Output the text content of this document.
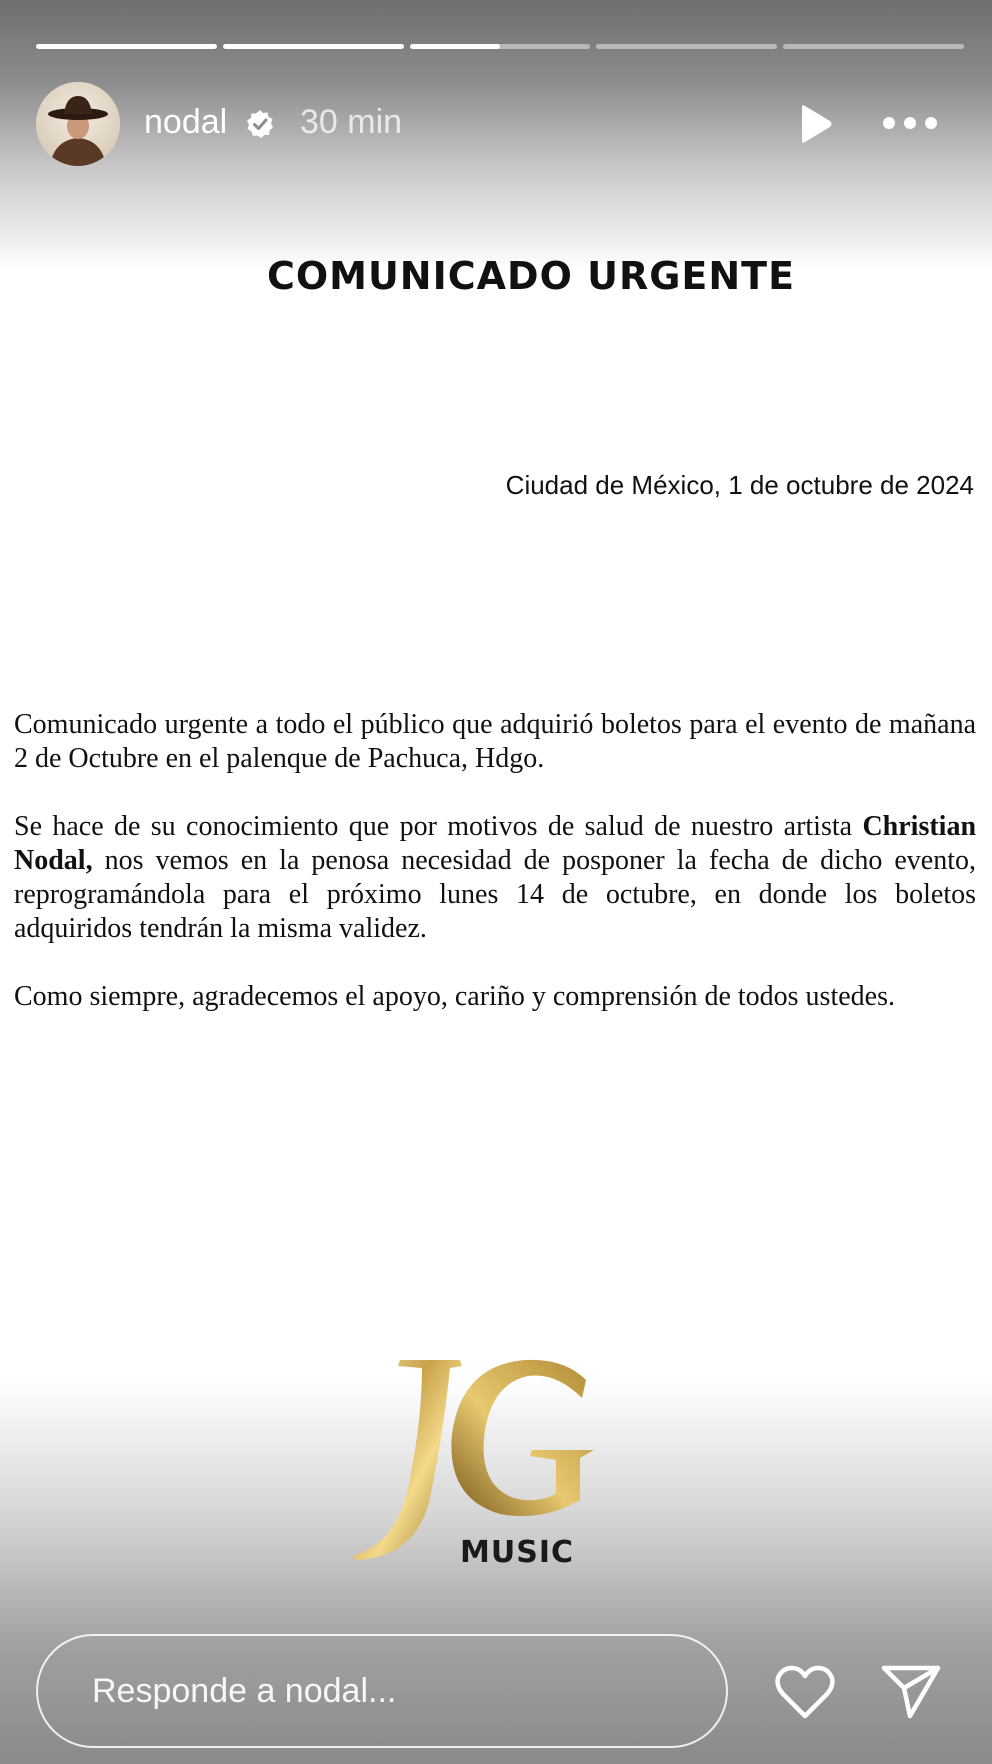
nodal 30 min
COMUNICADO URGENTE
Ciudad de México, 1 de octubre de 2024

Comunicado urgente a todo el público que adquirió boletos para el evento de mañana 2 de Octubre en el palenque de Pachuca, Hdgo.

Se hace de su conocimiento que por motivos de salud de nuestro artista Christian Nodal, nos vemos en la penosa necesidad de posponer la fecha de dicho evento, reprogramándola para el próximo lunes 14 de octubre, en donde los boletos adquiridos tendrán la misma validez.

Como siempre, agradecemos el apoyo, cariño y comprensión de todos ustedes.

MUSIC
Responde a nodal...
